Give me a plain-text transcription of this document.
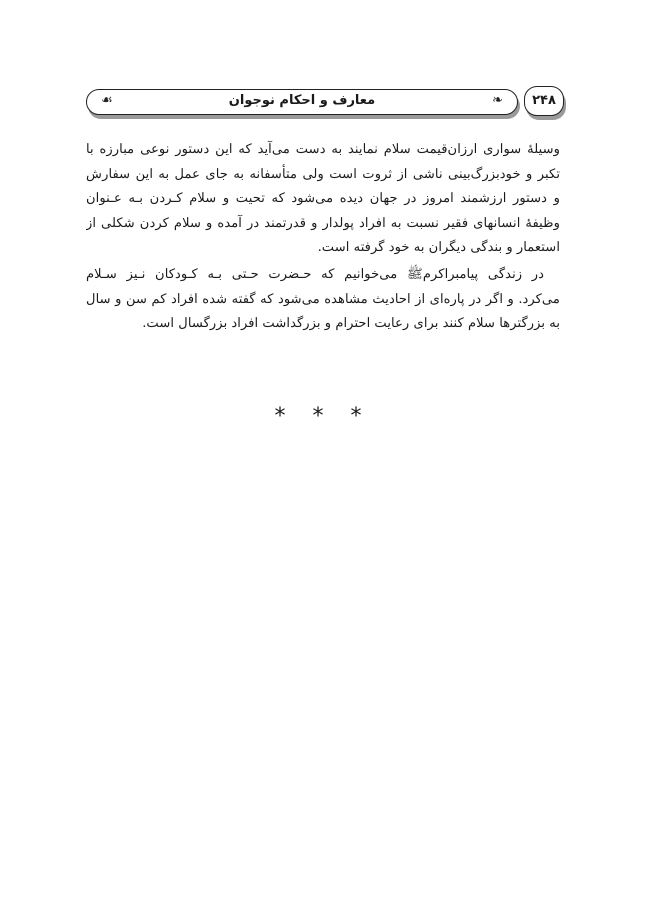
☙	معارف و احکام نوجوان	❧	۲۴۸
وسیلهٔ سواری ارزان‌قیمت سلام نمایند به دست می‌آید که این دستور نوعی مبارزه با
تکبر و خودبزرگ‌بینی ناشی از ثروت است ولی متأسفانه به جای عمل به این سفارش
و دستور ارزشمند امروز در جهان دیده می‌شود که تحیت و سلام کـردن بـه عـنوان
وظیفهٔ انسانهای فقیر نسبت به افراد پولدار و قدرتمند در آمده و سلام کردن شکلی از
استعمار و بندگی دیگران به خود گرفته است.
در زندگی پیامبراکرم‌ﷺ می‌خوانیم که حـضرت حـتی بـه کـودکان نـیز سـلام
می‌کرد. و اگر در پاره‌ای از احادیث مشاهده می‌شود که گفته شده افراد کم سن و سال
به بزرگترها سلام کنند برای رعایت احترام و بزرگداشت افراد بزرگسال است.
* * *
